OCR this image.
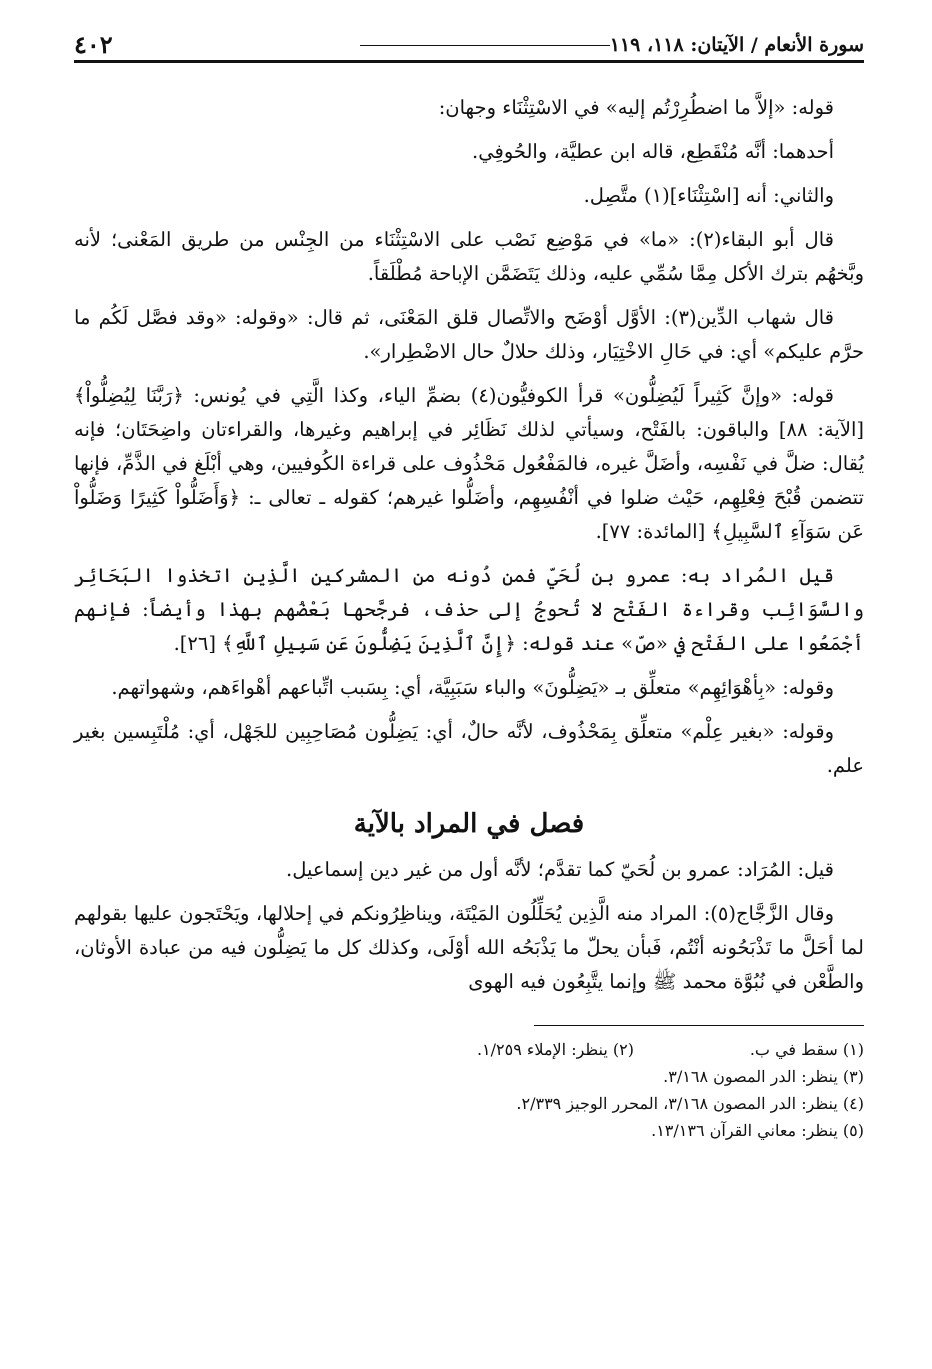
سورة الأنعام / الآيتان: ١١٨، ١١٩
٤٠٢

قوله: «إلاَّ ما اضطُرِرْتُم إليه» في الاسْتِثْنَاء وجهان:

أحدهما: أنَّه مُنْقَطِع، قاله ابن عطيَّة، والحُوفِي.

والثاني: أنه [اسْتِثْنَاء](١) متَّصِل.

قال أبو البقاء(٢): «ما» في مَوْضِع نَصْب على الاسْتِثْنَاء من الجِنْس من طريق المَعْنى؛ لأنه وبَّخهُم بترك الأكل مِمَّا سُمِّي عليه، وذلك يَتَضَمَّن الإباحة مُطْلَقاً.

قال شهاب الدِّين(٣): الأوَّل أوْضَح والاتِّصال قلق المَعْنَى، ثم قال: «وقوله: «وقد فصَّل لَكُم ما حرَّم عليكم» أي: في حَالِ الاخْتِيَار، وذلك حلالٌ حال الاضْطِرار».

قوله: «وإنَّ كَثِيراً لَيُضِلُّون» قرأ الكوفيُّون(٤) بضمِّ الياء، وكذا الَّتِي في يُونس: ﴿رَبَّنَا لِيُضِلُّواْ﴾ [الآية: ٨٨] والباقون: بالفَتْح، وسيأتي لذلك نَظَائِر في إبراهيم وغيرها، والقراءتان واضِحَتَان؛ فإنه يُقال: ضلَّ في نَفْسِه، وأضَلَّ غيره، فالمَفْعُول مَحْذُوف على قراءة الكُوفيين، وهي أبْلَغ في الذَّمِّ، فإنها تتضمن قُبْحَ فِعْلِهِم، حَيْث ضلوا في أنْفُسِهِم، وأضَلُّوا غيرهم؛ كقوله ـ تعالى ـ: ﴿وَأَضَلُّواْ كَثِيرًا وَضَلُّواْ عَن سَوَآءِ ٱلسَّبِيلِ﴾ [المائدة: ٧٧].

قيل المُراد به: عمرو بن لُحَيّ فمن دُونه من المشركين الَّذِين اتخذوا البَحَائِر والسَّوَائِب وقراءة الفَتْح لا تُحوجُ إلى حذف، فرجَّحها بَعْضُهم بهذا وأيضاً: فإنهم أجْمَعُوا على الفَتْح في «صّ» عند قوله: ﴿إِنَّ ٱلَّذِينَ يَضِلُّونَ عَن سَبِيلِ ٱللَّهِ﴾ [٢٦].

وقوله: «بِأهْوَائِهِم» متعلِّق بـ «يَضِلُّونَ» والباء سَبَبِيَّة، أي: بِسَبب اتِّباعهم أهْواءَهم، وشهواتهم.

وقوله: «بغير عِلْم» متعلِّق بِمَحْذُوف، لأنَّه حالٌ، أي: يَضِلُّون مُصَاحِبِين للجَهْل، أي: مُلْتَبِسين بغير علم.

فصل في المراد بالآية

قيل: المُرَاد: عمرو بن لُحَيّ كما تقدَّم؛ لأنَّه أول من غير دين إسماعيل.

وقال الزَّجَّاج(٥): المراد منه الَّذِين يُحَلِّلُون المَيْتَة، ويناظِرُونكم في إحلالها، ويَحْتَجون عليها بقولهم لما أحَلَّ ما تَذْبَحُونه أنْتُم، فَبأن يحلّ ما يَذْبَحُه الله أوْلَى، وكذلك كل ما يَضِلُّون فيه من عبادة الأوثان، والطَّعْن في نُبُوَّة محمد ﷺ وإنما يتَّبِعُون فيه الهوى

(١) سقط في ب.
(٢) ينظر: الإملاء ١/٢٥٩.
(٣) ينظر: الدر المصون ٣/١٦٨.
(٤) ينظر: الدر المصون ٣/١٦٨، المحرر الوجيز ٢/٣٣٩.
(٥) ينظر: معاني القرآن ١٣/١٣٦.
